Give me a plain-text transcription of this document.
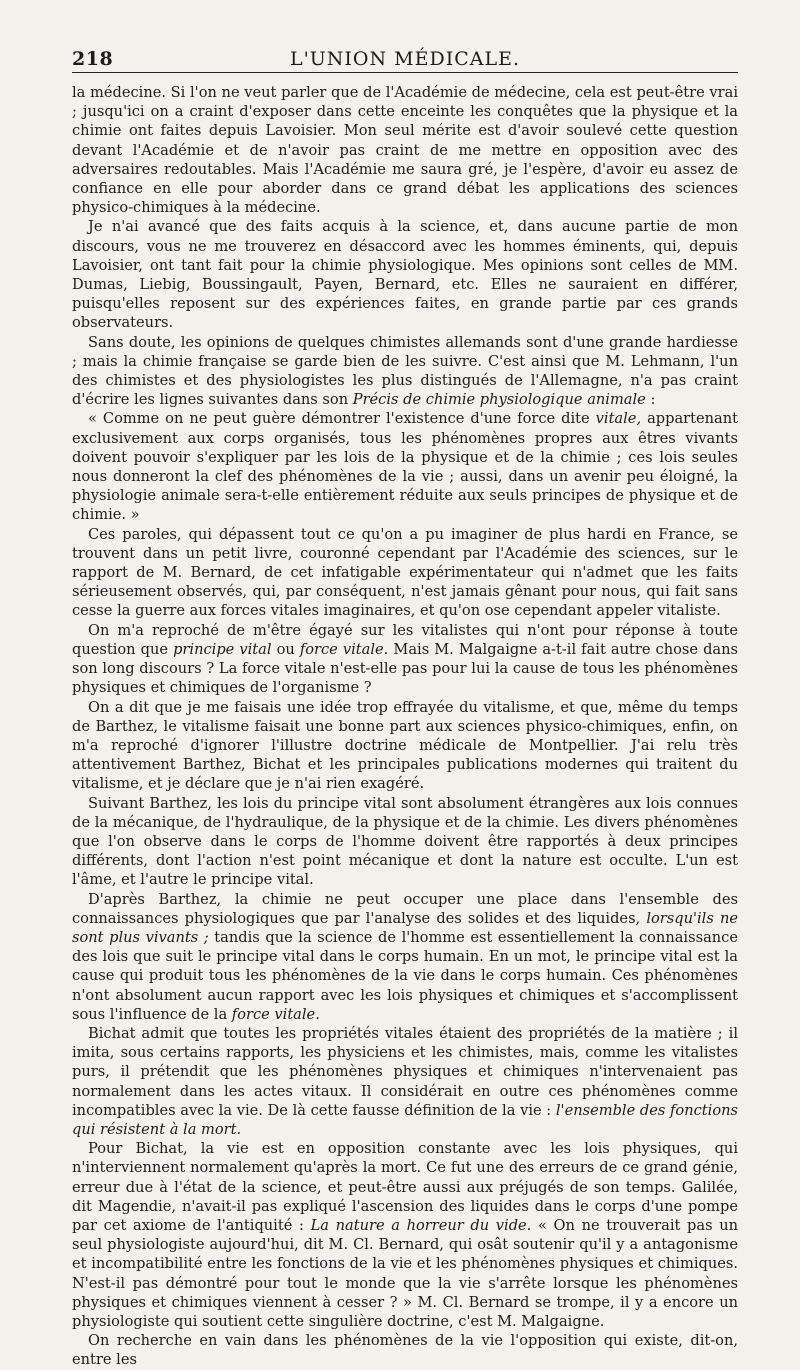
218	L'UNION MÉDICALE.

la médecine. Si l'on ne veut parler que de l'Académie de médecine, cela est peut-être vrai ; jusqu'ici on a craint d'exposer dans cette enceinte les conquêtes que la physique et la chimie ont faites depuis Lavoisier. Mon seul mérite est d'avoir soulevé cette question devant l'Académie et de n'avoir pas craint de me mettre en opposition avec des adversaires redoutables. Mais l'Académie me saura gré, je l'espère, d'avoir eu assez de confiance en elle pour aborder dans ce grand débat les applications des sciences physico-chimiques à la médecine.

Je n'ai avancé que des faits acquis à la science, et, dans aucune partie de mon discours, vous ne me trouverez en désaccord avec les hommes éminents, qui, depuis Lavoisier, ont tant fait pour la chimie physiologique. Mes opinions sont celles de MM. Dumas, Liebig, Boussingault, Payen, Bernard, etc. Elles ne sauraient en différer, puisqu'elles reposent sur des expériences faites, en grande partie par ces grands observateurs.

Sans doute, les opinions de quelques chimistes allemands sont d'une grande hardiesse ; mais la chimie française se garde bien de les suivre. C'est ainsi que M. Lehmann, l'un des chimistes et des physiologistes les plus distingués de l'Allemagne, n'a pas craint d'écrire les lignes suivantes dans son Précis de chimie physiologique animale :

« Comme on ne peut guère démontrer l'existence d'une force dite vitale, appartenant exclusivement aux corps organisés, tous les phénomènes propres aux êtres vivants doivent pouvoir s'expliquer par les lois de la physique et de la chimie ; ces lois seules nous donneront la clef des phénomènes de la vie ; aussi, dans un avenir peu éloigné, la physiologie animale sera-t-elle entièrement réduite aux seuls principes de physique et de chimie. »

Ces paroles, qui dépassent tout ce qu'on a pu imaginer de plus hardi en France, se trouvent dans un petit livre, couronné cependant par l'Académie des sciences, sur le rapport de M. Bernard, de cet infatigable expérimentateur qui n'admet que les faits sérieusement observés, qui, par conséquent, n'est jamais gênant pour nous, qui fait sans cesse la guerre aux forces vitales imaginaires, et qu'on ose cependant appeler vitaliste.

On m'a reproché de m'être égayé sur les vitalistes qui n'ont pour réponse à toute question que principe vital ou force vitale. Mais M. Malgaigne a-t-il fait autre chose dans son long discours ? La force vitale n'est-elle pas pour lui la cause de tous les phénomènes physiques et chimiques de l'organisme ?

On a dit que je me faisais une idée trop effrayée du vitalisme, et que, même du temps de Barthez, le vitalisme faisait une bonne part aux sciences physico-chimiques, enfin, on m'a reproché d'ignorer l'illustre doctrine médicale de Montpellier. J'ai relu très attentivement Barthez, Bichat et les principales publications modernes qui traitent du vitalisme, et je déclare que je n'ai rien exagéré.

Suivant Barthez, les lois du principe vital sont absolument étrangères aux lois connues de la mécanique, de l'hydraulique, de la physique et de la chimie. Les divers phénomènes que l'on observe dans le corps de l'homme doivent être rapportés à deux principes différents, dont l'action n'est point mécanique et dont la nature est occulte. L'un est l'âme, et l'autre le principe vital.

D'après Barthez, la chimie ne peut occuper une place dans l'ensemble des connaissances physiologiques que par l'analyse des solides et des liquides, lorsqu'ils ne sont plus vivants ; tandis que la science de l'homme est essentiellement la connaissance des lois que suit le principe vital dans le corps humain. En un mot, le principe vital est la cause qui produit tous les phénomènes de la vie dans le corps humain. Ces phénomènes n'ont absolument aucun rapport avec les lois physiques et chimiques et s'accomplissent sous l'influence de la force vitale.

Bichat admit que toutes les propriétés vitales étaient des propriétés de la matière ; il imita, sous certains rapports, les physiciens et les chimistes, mais, comme les vitalistes purs, il prétendit que les phénomènes physiques et chimiques n'intervenaient pas normalement dans les actes vitaux. Il considérait en outre ces phénomènes comme incompatibles avec la vie. De là cette fausse définition de la vie : l'ensemble des fonctions qui résistent à la mort.

Pour Bichat, la vie est en opposition constante avec les lois physiques, qui n'interviennent normalement qu'après la mort. Ce fut une des erreurs de ce grand génie, erreur due à l'état de la science, et peut-être aussi aux préjugés de son temps. Galilée, dit Magendie, n'avait-il pas expliqué l'ascension des liquides dans le corps d'une pompe par cet axiome de l'antiquité : La nature a horreur du vide. « On ne trouverait pas un seul physiologiste aujourd'hui, dit M. Cl. Bernard, qui osât soutenir qu'il y a antagonisme et incompatibilité entre les fonctions de la vie et les phénomènes physiques et chimiques. N'est-il pas démontré pour tout le monde que la vie s'arrête lorsque les phénomènes physiques et chimiques viennent à cesser ? » M. Cl. Bernard se trompe, il y a encore un physiologiste qui soutient cette singulière doctrine, c'est M. Malgaigne.

On recherche en vain dans les phénomènes de la vie l'opposition qui existe, dit-on, entre les
